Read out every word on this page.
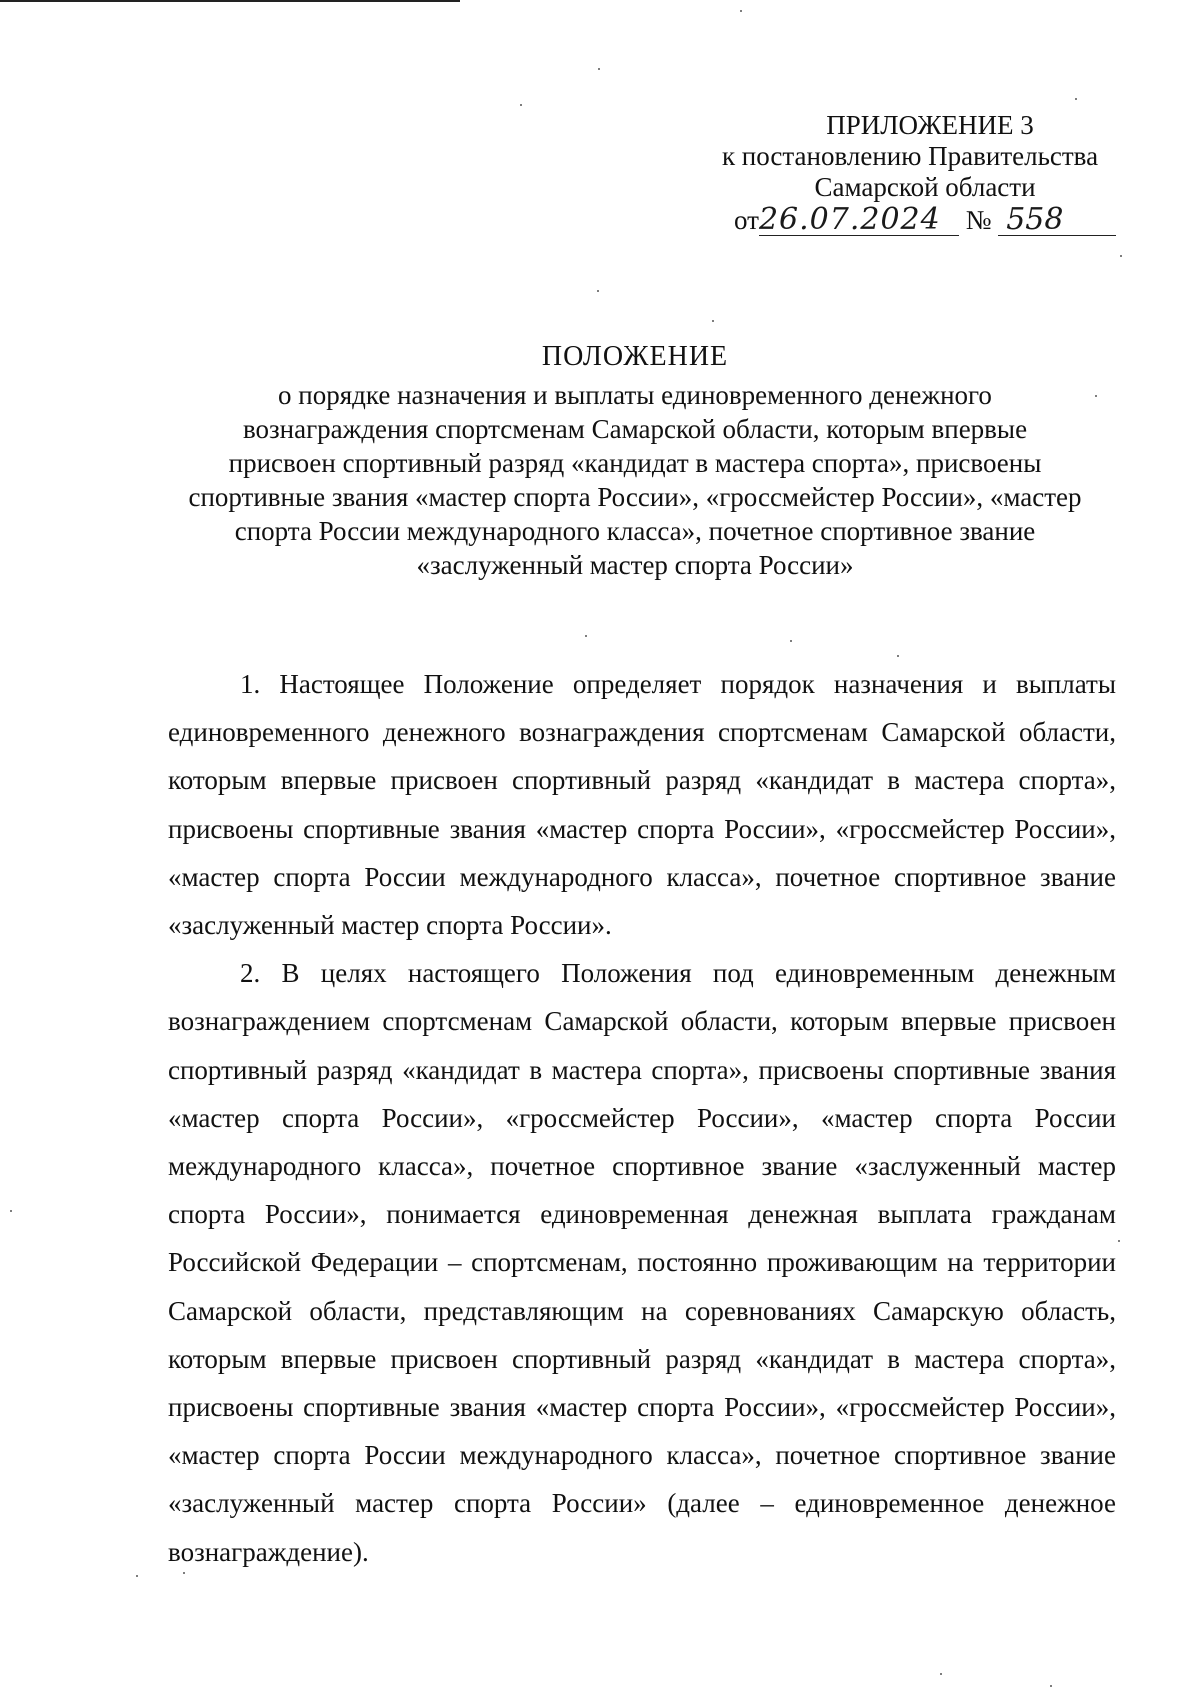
ПРИЛОЖЕНИЕ 3
к постановлению Правительства
Самарской области
от26.07.2024 № 558
ПОЛОЖЕНИЕ
о порядке назначения и выплаты единовременного денежного
вознаграждения спортсменам Самарской области, которым впервые
присвоен спортивный разряд «кандидат в мастера спорта», присвоены
спортивные звания «мастер спорта России», «гроссмейстер России», «мастер
спорта России международного класса», почетное спортивное звание
«заслуженный мастер спорта России»

1. Настоящее Положение определяет порядок назначения и выплаты единовременного денежного вознаграждения спортсменам Самарской области, которым впервые присвоен спортивный разряд «кандидат в мастера спорта», присвоены спортивные звания «мастер спорта России», «гроссмейстер России», «мастер спорта России международного класса», почетное спортивное звание «заслуженный мастер спорта России».

2. В целях настоящего Положения под единовременным денежным вознаграждением спортсменам Самарской области, которым впервые присвоен спортивный разряд «кандидат в мастера спорта», присвоены спортивные звания «мастер спорта России», «гроссмейстер России», «мастер спорта России международного класса», почетное спортивное звание «заслуженный мастер спорта России», понимается единовременная денежная выплата гражданам Российской Федерации – спортсменам, постоянно проживающим на территории Самарской области, представляющим на соревнованиях Самарскую область, которым впервые присвоен спортивный разряд «кандидат в мастера спорта», присвоены спортивные звания «мастер спорта России», «гроссмейстер России», «мастер спорта России международного класса», почетное спортивное звание «заслуженный мастер спорта России» (далее – единовременное денежное вознаграждение).
